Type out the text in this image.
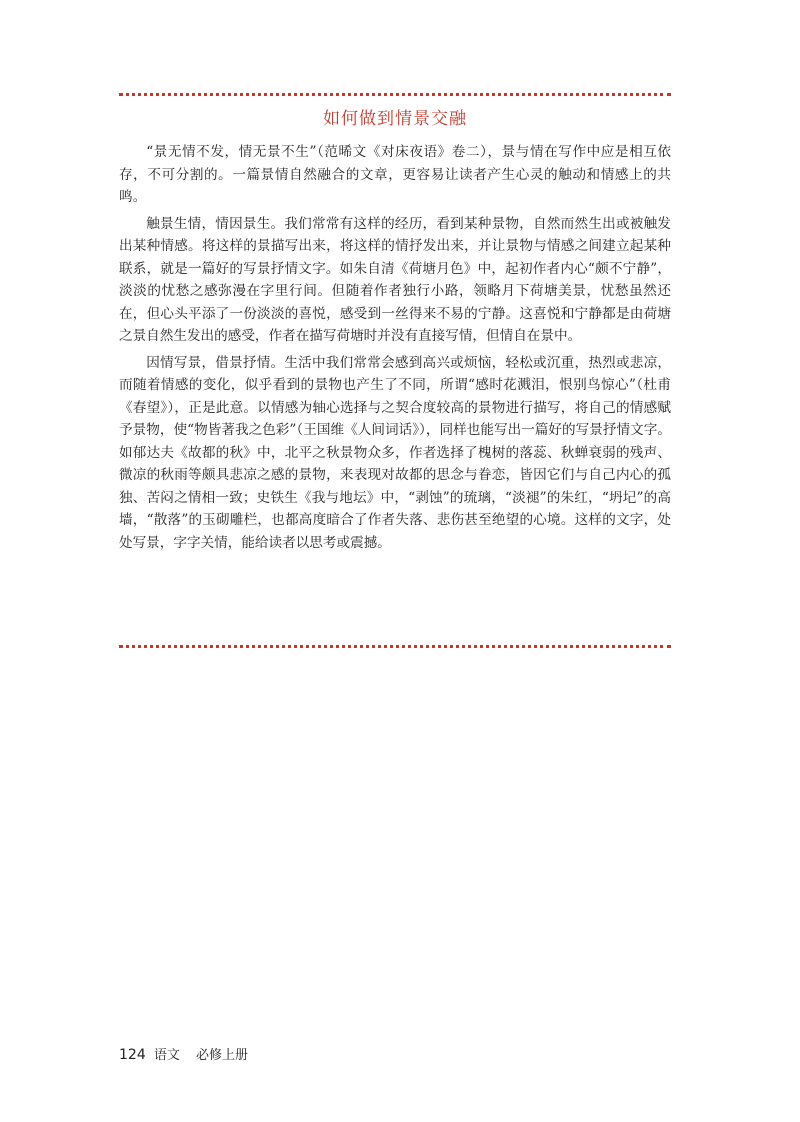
如何做到情景交融

“景无情不发，情无景不生”（范晞文《对床夜语》卷二），景与情在写作中应是相互依存，不可分割的。一篇景情自然融合的文章，更容易让读者产生心灵的触动和情感上的共鸣。

触景生情，情因景生。我们常常有这样的经历，看到某种景物，自然而然生出或被触发出某种情感。将这样的景描写出来，将这样的情抒发出来，并让景物与情感之间建立起某种联系，就是一篇好的写景抒情文字。如朱自清《荷塘月色》中，起初作者内心“颇不宁静”，淡淡的忧愁之感弥漫在字里行间。但随着作者独行小路，领略月下荷塘美景，忧愁虽然还在，但心头平添了一份淡淡的喜悦，感受到一丝得来不易的宁静。这喜悦和宁静都是由荷塘之景自然生发出的感受，作者在描写荷塘时并没有直接写情，但情自在景中。

因情写景，借景抒情。生活中我们常常会感到高兴或烦恼，轻松或沉重，热烈或悲凉，而随着情感的变化，似乎看到的景物也产生了不同，所谓“感时花溅泪，恨别鸟惊心”（杜甫《春望》），正是此意。以情感为轴心选择与之契合度较高的景物进行描写，将自己的情感赋予景物，使“物皆著我之色彩”（王国维《人间词话》），同样也能写出一篇好的写景抒情文字。如郁达夫《故都的秋》中，北平之秋景物众多，作者选择了槐树的落蕊、秋蝉衰弱的残声、微凉的秋雨等颇具悲凉之感的景物，来表现对故都的思念与眷恋，皆因它们与自己内心的孤独、苦闷之情相一致；史铁生《我与地坛》中，“剥蚀”的琉璃，“淡褪”的朱红，“坍圮”的高墙，“散落”的玉砌雕栏，也都高度暗合了作者失落、悲伤甚至绝望的心境。这样的文字，处处写景，字字关情，能给读者以思考或震撼。

124 语文 必修上册
